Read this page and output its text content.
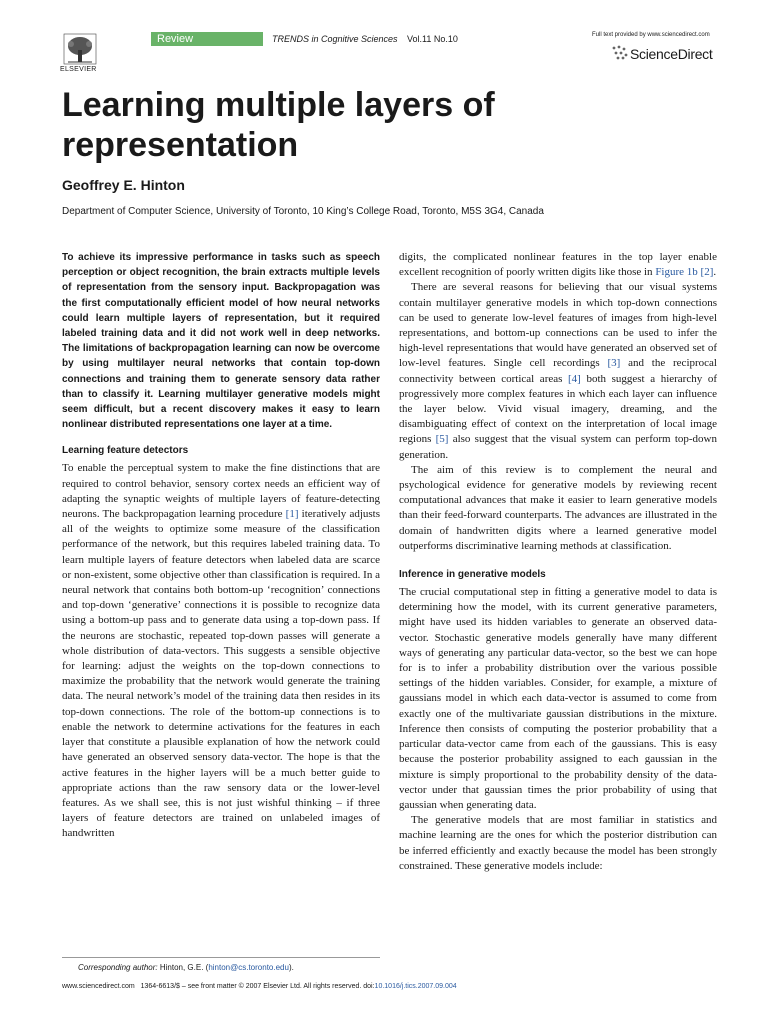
ELSEVIER
Review	TRENDS in Cognitive Sciences Vol.11 No.10	Full text provided by www.sciencedirect.com
ScienceDirect
Learning multiple layers of representation
Geoffrey E. Hinton
Department of Computer Science, University of Toronto, 10 King’s College Road, Toronto, M5S 3G4, Canada

To achieve its impressive performance in tasks such as speech perception or object recognition, the brain extracts multiple levels of representation from the sensory input. Backpropagation was the first computationally efficient model of how neural networks could learn multiple layers of representation, but it required labeled training data and it did not work well in deep networks. The limitations of backpropagation learning can now be overcome by using multilayer neural networks that contain top-down connections and training them to generate sensory data rather than to classify it. Learning multilayer generative models might seem difficult, but a recent discovery makes it easy to learn nonlinear distributed representations one layer at a time.

Learning feature detectors

To enable the perceptual system to make the fine distinctions that are required to control behavior, sensory cortex needs an efficient way of adapting the synaptic weights of multiple layers of feature-detecting neurons. The backpropagation learning procedure [1] iteratively adjusts all of the weights to optimize some measure of the classification performance of the network, but this requires labeled training data. To learn multiple layers of feature detectors when labeled data are scarce or non-existent, some objective other than classification is required. In a neural network that contains both bottom-up ‘recognition’ connections and top-down ‘generative’ connections it is possible to recognize data using a bottom-up pass and to generate data using a top-down pass. If the neurons are stochastic, repeated top-down passes will generate a whole distribution of data-vectors. This suggests a sensible objective for learning: adjust the weights on the top-down connections to maximize the probability that the network would generate the training data. The neural network’s model of the training data then resides in its top-down connections. The role of the bottom-up connections is to enable the network to determine activations for the features in each layer that constitute a plausible explanation of how the network could have generated an observed sensory data-vector. The hope is that the active features in the higher layers will be a much better guide to appropriate actions than the raw sensory data or the lower-level features. As we shall see, this is not just wishful thinking – if three layers of feature detectors are trained on unlabeled images of handwritten

digits, the complicated nonlinear features in the top layer enable excellent recognition of poorly written digits like those in Figure 1b [2].

There are several reasons for believing that our visual systems contain multilayer generative models in which top-down connections can be used to generate low-level features of images from high-level representations, and bottom-up connections can be used to infer the high-level representations that would have generated an observed set of low-level features. Single cell recordings [3] and the reciprocal connectivity between cortical areas [4] both suggest a hierarchy of progressively more complex features in which each layer can influence the layer below. Vivid visual imagery, dreaming, and the disambiguating effect of context on the interpretation of local image regions [5] also suggest that the visual system can perform top-down generation.

The aim of this review is to complement the neural and psychological evidence for generative models by reviewing recent computational advances that make it easier to learn generative models than their feed-forward counterparts. The advances are illustrated in the domain of handwritten digits where a learned generative model outperforms discriminative learning methods at classification.

Inference in generative models

The crucial computational step in fitting a generative model to data is determining how the model, with its current generative parameters, might have used its hidden variables to generate an observed data-vector. Stochastic generative models generally have many different ways of generating any particular data-vector, so the best we can hope for is to infer a probability distribution over the various possible settings of the hidden variables. Consider, for example, a mixture of gaussians model in which each data-vector is assumed to come from exactly one of the multivariate gaussian distributions in the mixture. Inference then consists of computing the posterior probability that a particular data-vector came from each of the gaussians. This is easy because the posterior probability assigned to each gaussian in the mixture is simply proportional to the probability density of the data-vector under that gaussian times the prior probability of using that gaussian when generating data.

The generative models that are most familiar in statistics and machine learning are the ones for which the posterior distribution can be inferred efficiently and exactly because the model has been strongly constrained. These generative models include:

Corresponding author: Hinton, G.E. (hinton@cs.toronto.edu).
www.sciencedirect.com 1364-6613/$ – see front matter © 2007 Elsevier Ltd. All rights reserved. doi:10.1016/j.tics.2007.09.004
